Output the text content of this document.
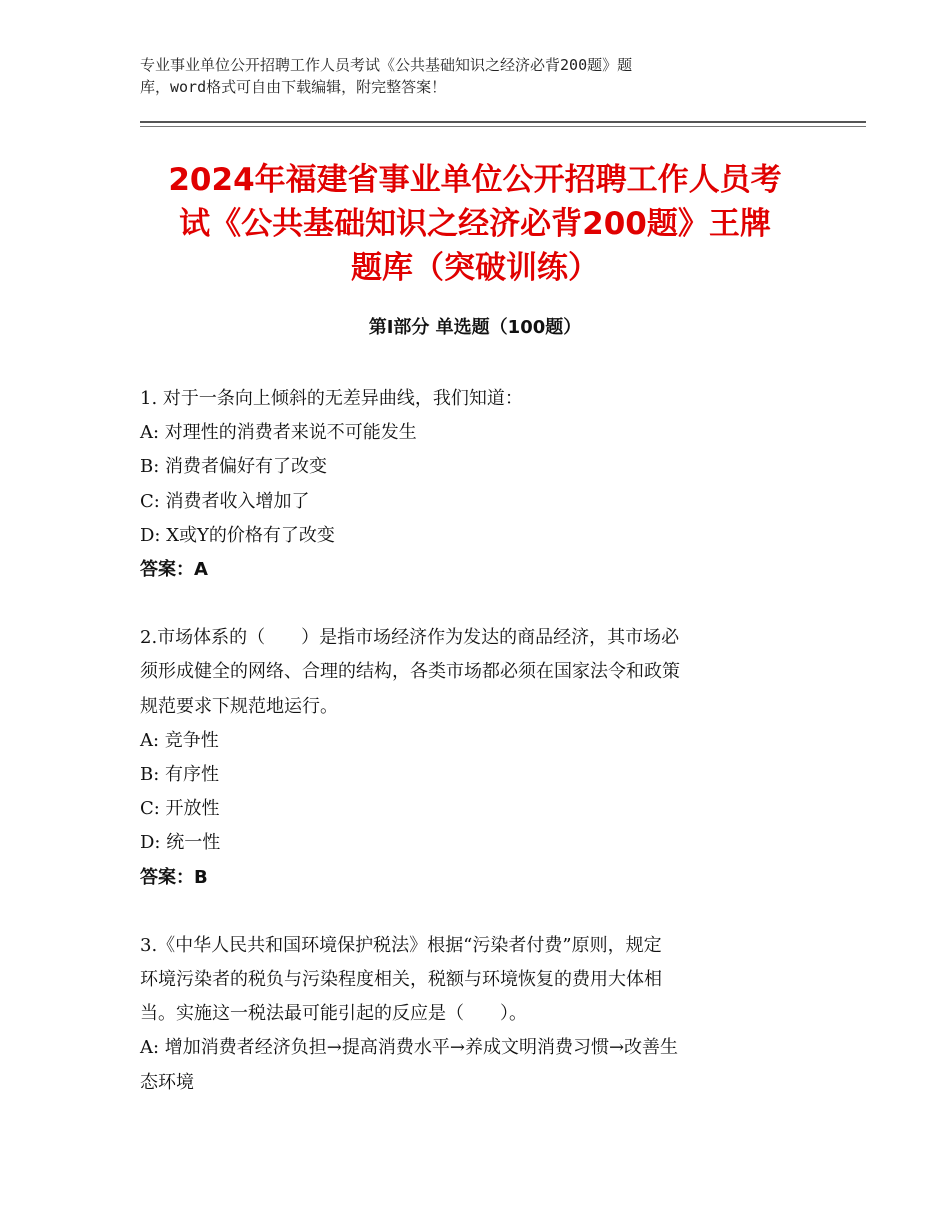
专业事业单位公开招聘工作人员考试《公共基础知识之经济必背200题》题
库，word格式可自由下载编辑，附完整答案！
2024年福建省事业单位公开招聘工作人员考
试《公共基础知识之经济必背200题》王牌
题库（突破训练）
第Ⅰ部分 单选题（100题）
1. 对于一条向上倾斜的无差异曲线，我们知道：
A: 对理性的消费者来说不可能发生
B: 消费者偏好有了改变
C: 消费者收入增加了
D: X或Y的价格有了改变
答案：A
2.市场体系的（　　）是指市场经济作为发达的商品经济，其市场必
须形成健全的网络、合理的结构，各类市场都必须在国家法令和政策
规范要求下规范地运行。
A: 竞争性
B: 有序性
C: 开放性
D: 统一性
答案：B
3.《中华人民共和国环境保护税法》根据“污染者付费”原则，规定
环境污染者的税负与污染程度相关，税额与环境恢复的费用大体相
当。实施这一税法最可能引起的反应是（　　）。
A: 增加消费者经济负担→提高消费水平→养成文明消费习惯→改善生
态环境
